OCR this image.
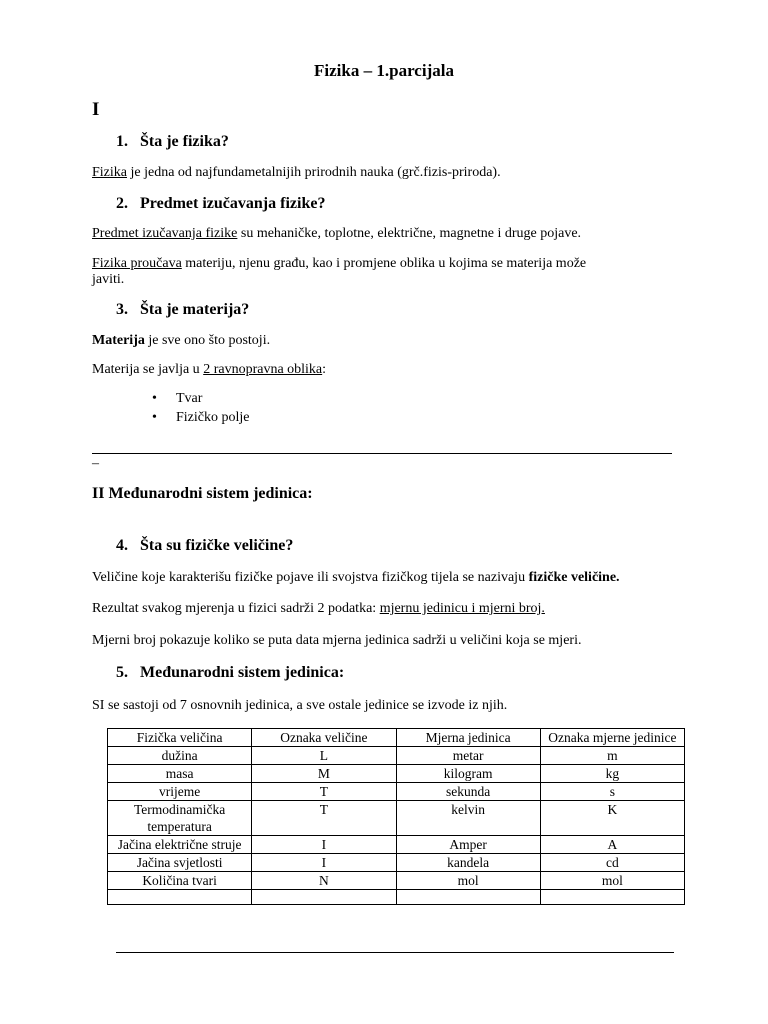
Fizika – 1.parcijala
I
1. Šta je fizika?
Fizika je jedna od najfundametalnijih prirodnih nauka (grč.fizis-priroda).
2. Predmet izučavanja fizike?
Predmet izučavanja fizike su mehaničke, toplotne, električne, magnetne i druge pojave.
Fizika proučava materiju, njenu građu, kao i promjene oblika u kojima se materija može
javiti.
3. Šta je materija?
Materija je sve ono što postoji.
Materija se javlja u 2 ravnopravna oblika:
• Tvar
• Fizičko polje
–
II Međunarodni sistem jedinica:
4. Šta su fizičke veličine?
Veličine koje karakterišu fizičke pojave ili svojstva fizičkog tijela se nazivaju fizičke veličine.
Rezultat svakog mjerenja u fizici sadrži 2 podatka: mjernu jedinicu i mjerni broj.
Mjerni broj pokazuje koliko se puta data mjerna jedinica sadrži u veličini koja se mjeri.
5. Međunarodni sistem jedinica:
SI se sastoji od 7 osnovnih jedinica, a sve ostale jedinice se izvode iz njih.
Fizička veličina	Oznaka veličine	Mjerna jedinica	Oznaka mjerne jedinice
dužina	L	metar	m
masa	M	kilogram	kg
vrijeme	T	sekunda	s
Termodinamička temperatura	T	kelvin	K
Jačina električne struje	I	Amper	A
Jačina svjetlosti	I	kandela	cd
Količina tvari	N	mol	mol
